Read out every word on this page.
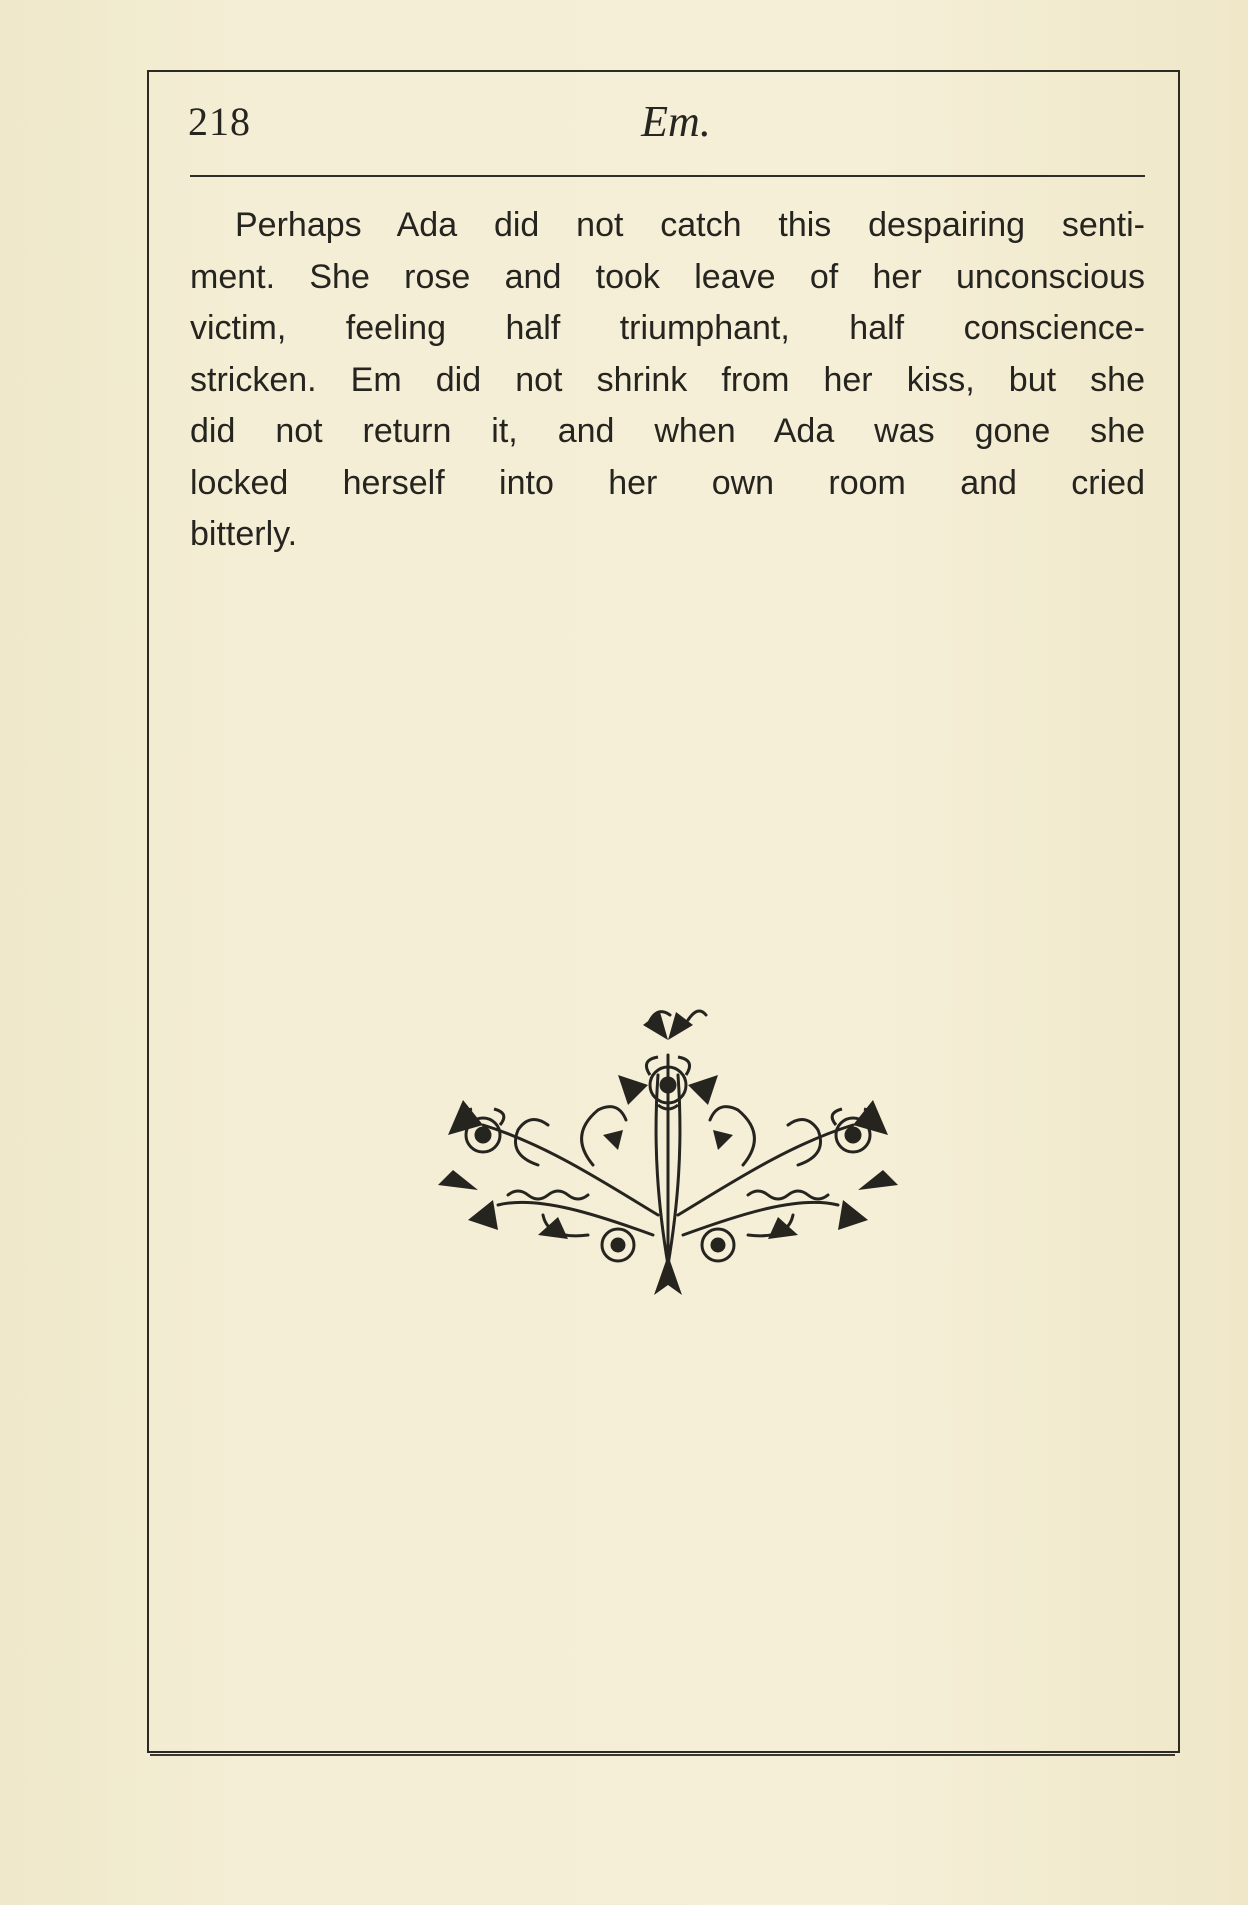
218	Em.
Perhaps Ada did not catch this despairing senti-
ment. She rose and took leave of her unconscious
victim, feeling half triumphant, half conscience-
stricken. Em did not shrink from her kiss, but she
did not return it, and when Ada was gone she
locked herself into her own room and cried
bitterly.
